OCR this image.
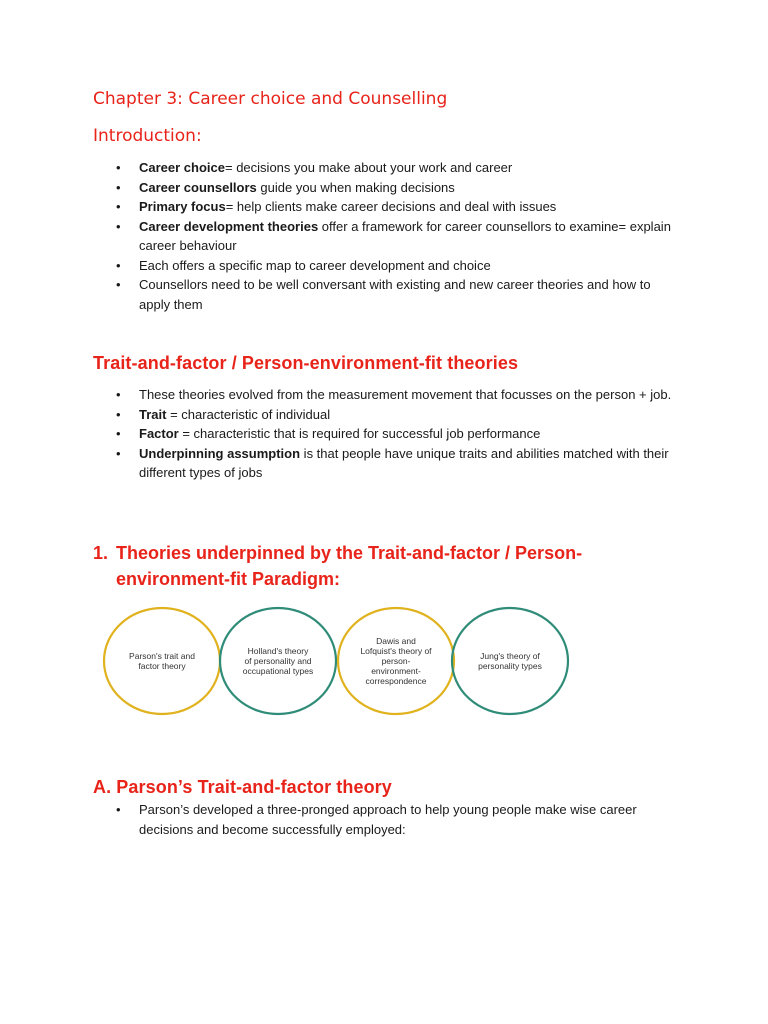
Chapter 3: Career choice and Counselling
Introduction:
• Career choice= decisions you make about your work and career
• Career counsellors guide you when making decisions
• Primary focus= help clients make career decisions and deal with issues
• Career development theories offer a framework for career counsellors to examine= explain career behaviour
• Each offers a specific map to career development and choice
• Counsellors need to be well conversant with existing and new career theories and how to apply them
Trait-and-factor / Person-environment-fit theories
• These theories evolved from the measurement movement that focusses on the person + job.
• Trait = characteristic of individual
• Factor = characteristic that is required for successful job performance
• Underpinning assumption is that people have unique traits and abilities matched with their different types of jobs
1. Theories underpinned by the Trait-and-factor / Person-environment-fit Paradigm:
Parson's trait and
factor theory
Holland's theory
of personality and
occupational types
Dawis and
Lofquist's theory of
person-
environment-
correspondence
Jung's theory of
personality types
A. Parson’s Trait-and-factor theory
• Parson’s developed a three-pronged approach to help young people make wise career decisions and become successfully employed:
